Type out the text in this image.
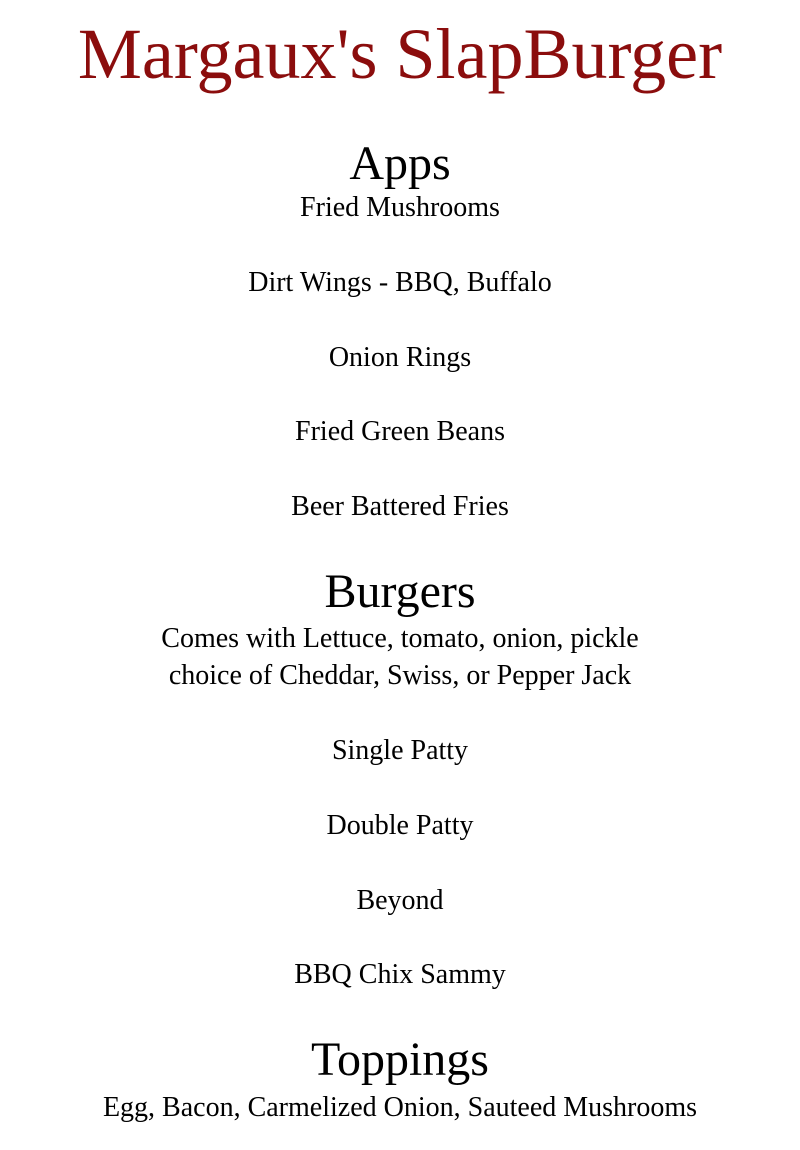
Margaux's SlapBurger
Apps
Fried Mushrooms
Dirt Wings - BBQ, Buffalo
Onion Rings
Fried Green Beans
Beer Battered Fries
Burgers
Comes with Lettuce, tomato, onion, pickle
choice of Cheddar, Swiss, or Pepper Jack
Single Patty
Double Patty
Beyond
BBQ Chix Sammy
Toppings
Egg, Bacon, Carmelized Onion, Sauteed Mushrooms
